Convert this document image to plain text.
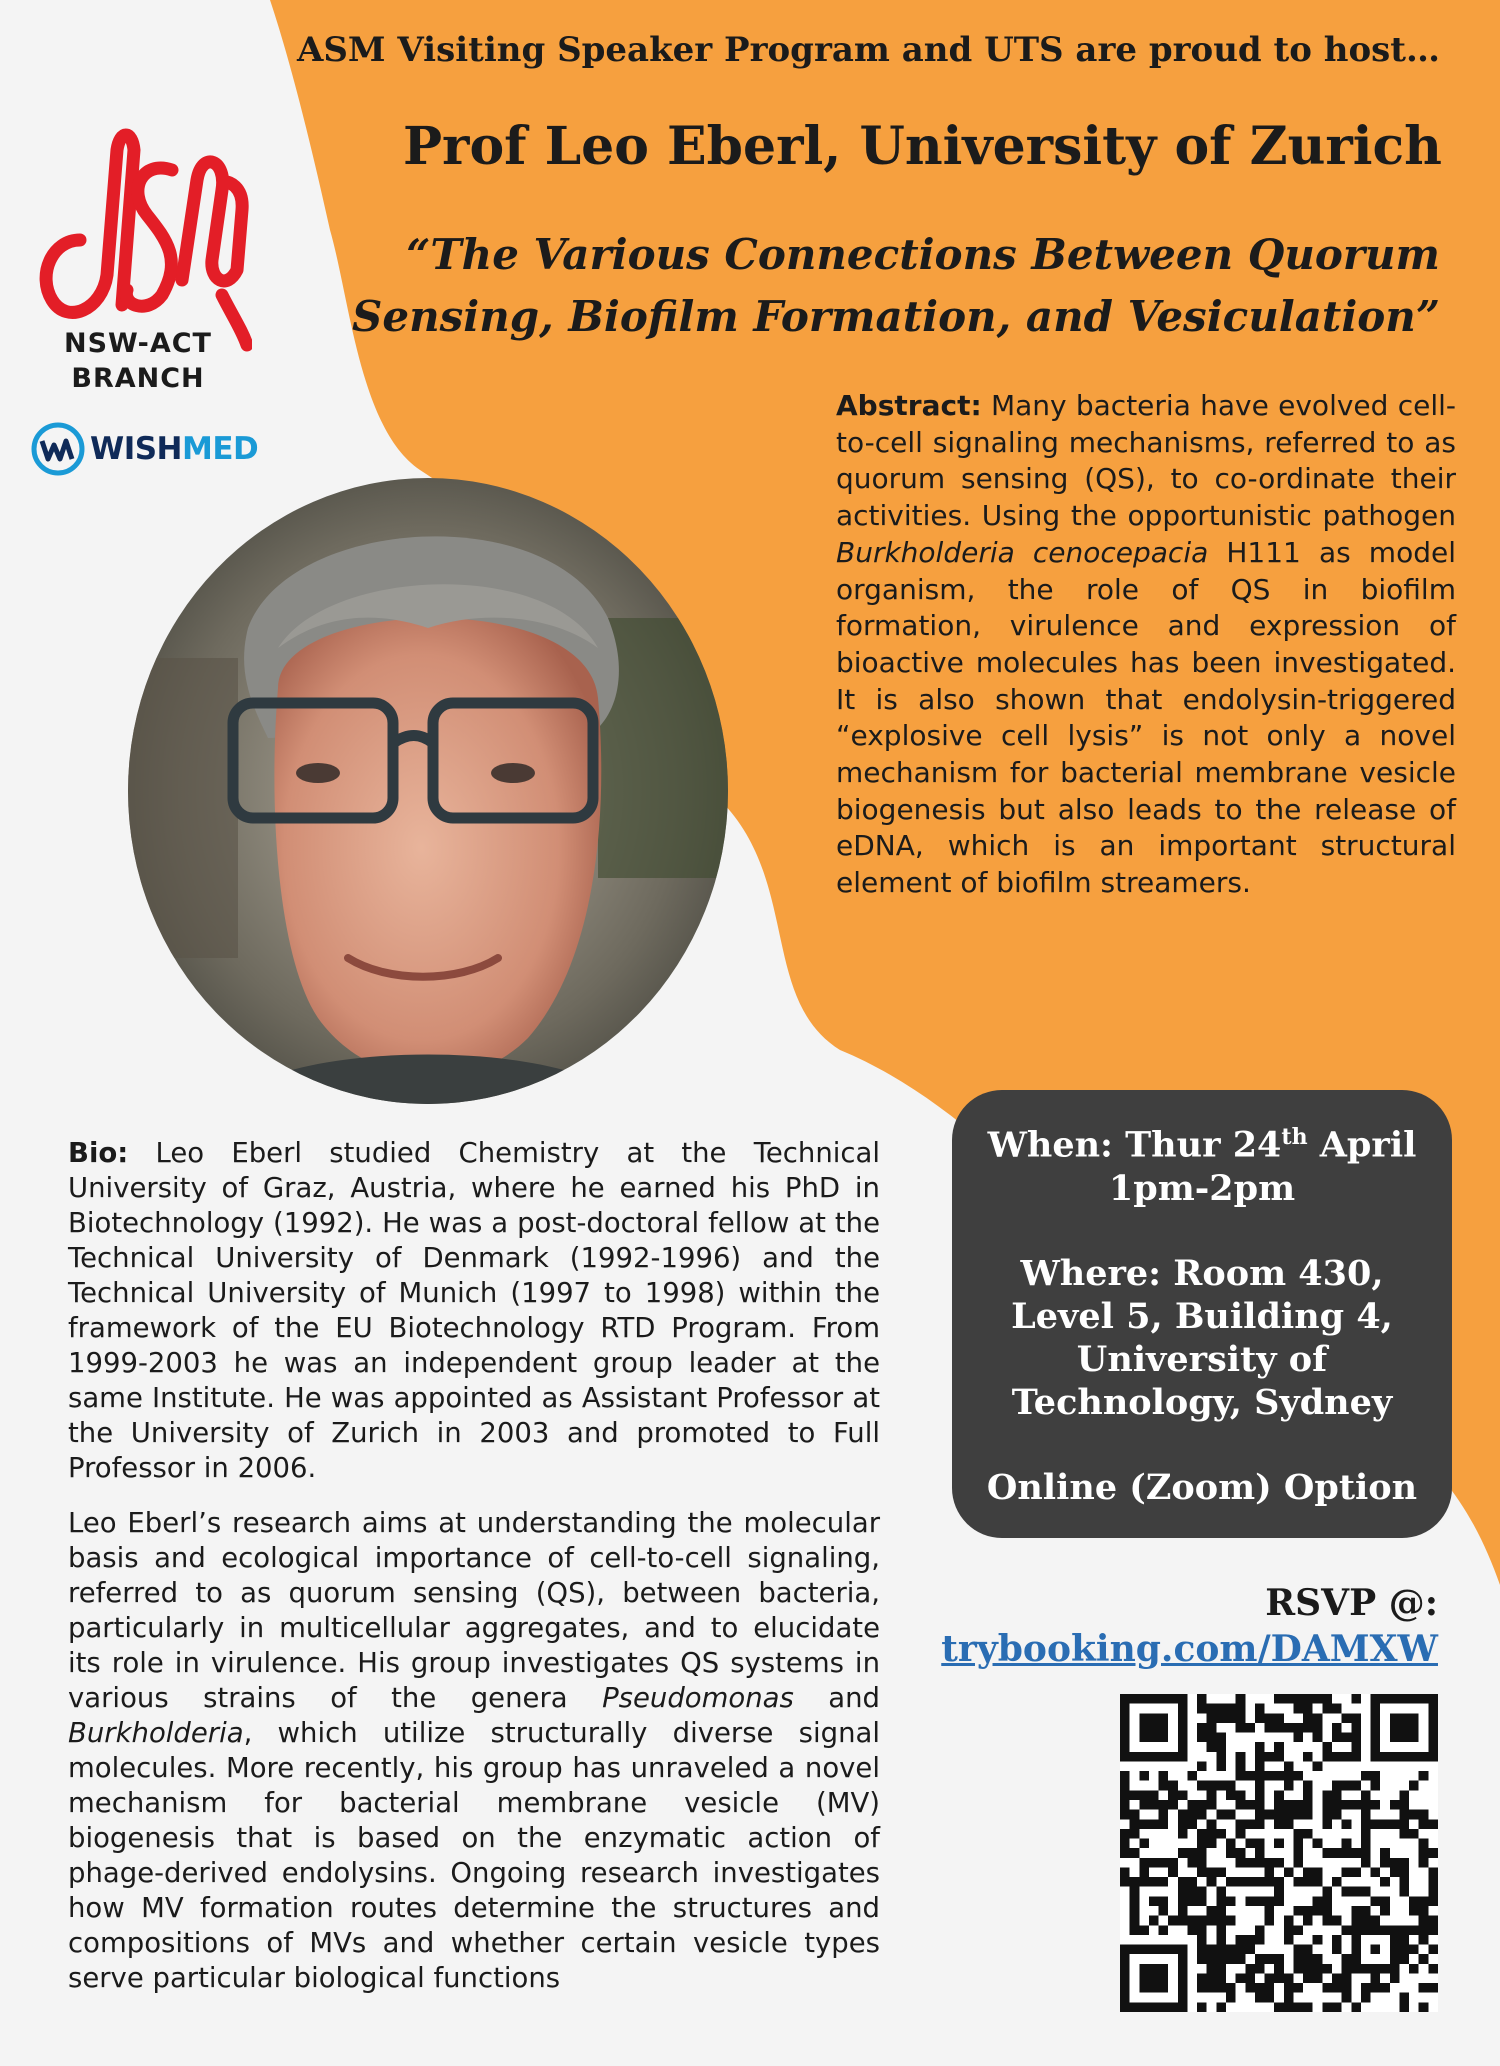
NSW-ACT
BRANCH
WISHMED
ASM Visiting Speaker Program and UTS are proud to host…
Prof Leo Eberl, University of Zurich
“The Various Connections Between Quorum Sensing, Biofilm Formation, and Vesiculation”
Abstract: Many bacteria have evolved cell-to-cell signaling mechanisms, referred to as quorum sensing (QS), to co-ordinate their activities. Using the opportunistic pathogen Burkholderia cenocepacia H111 as model organism, the role of QS in biofilm formation, virulence and expression of bioactive molecules has been investigated. It is also shown that endolysin-triggered “explosive cell lysis” is not only a novel mechanism for bacterial membrane vesicle biogenesis but also leads to the release of eDNA, which is an important structural element of biofilm streamers.
When: Thur 24th April
1pm-2pm
Where: Room 430,
Level 5, Building 4,
University of
Technology, Sydney
Online (Zoom) Option

Bio: Leo Eberl studied Chemistry at the Technical University of Graz, Austria, where he earned his PhD in Biotechnology (1992). He was a post-doctoral fellow at the Technical University of Denmark (1992-1996) and the Technical University of Munich (1997 to 1998) within the framework of the EU Biotechnology RTD Program. From 1999-2003 he was an independent group leader at the same Institute. He was appointed as Assistant Professor at the University of Zurich in 2003 and promoted to Full Professor in 2006.

Leo Eberl’s research aims at understanding the molecular basis and ecological importance of cell-to-cell signaling, referred to as quorum sensing (QS), between bacteria, particularly in multicellular aggregates, and to elucidate its role in virulence. His group investigates QS systems in various strains of the genera Pseudomonas and Burkholderia, which utilize structurally diverse signal molecules. More recently, his group has unraveled a novel mechanism for bacterial membrane vesicle (MV) biogenesis that is based on the enzymatic action of phage-derived endolysins. Ongoing research investigates how MV formation routes determine the structures and compositions of MVs and whether certain vesicle types serve particular biological functions

RSVP @:
trybooking.com/DAMXW
